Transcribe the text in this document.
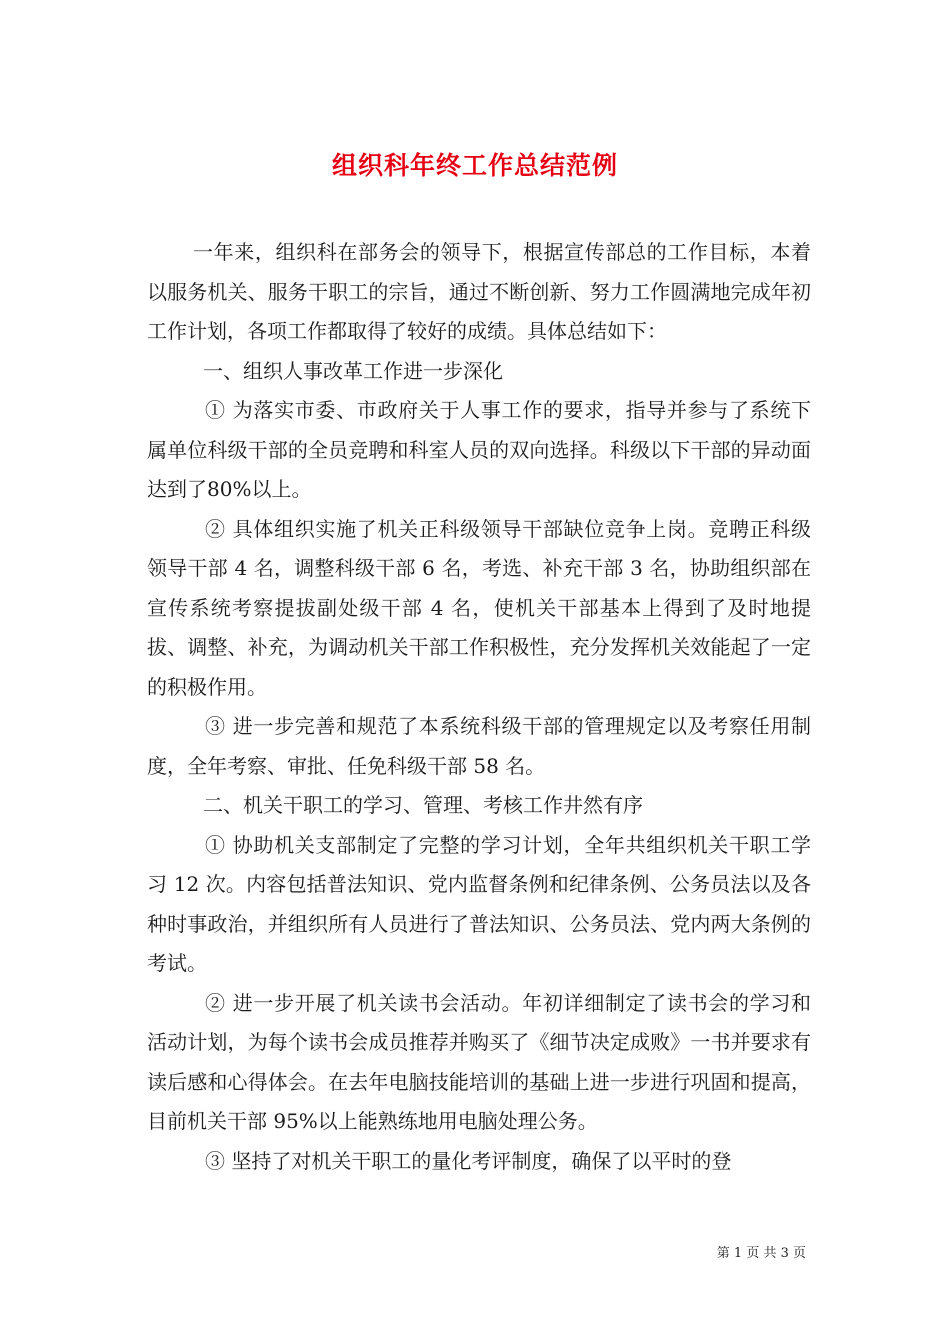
组织科年终工作总结范例

一年来，组织科在部务会的领导下，根据宣传部总的工作目标，本着以服务机关、服务干职工的宗旨，通过不断创新、努力工作圆满地完成年初工作计划，各项工作都取得了较好的成绩。具体总结如下：

一、组织人事改革工作进一步深化

① 为落实市委、市政府关于人事工作的要求，指导并参与了系统下属单位科级干部的全员竞聘和科室人员的双向选择。科级以下干部的异动面达到了80%以上。

② 具体组织实施了机关正科级领导干部缺位竞争上岗。竞聘正科级领导干部 4 名，调整科级干部 6 名，考选、补充干部 3 名，协助组织部在宣传系统考察提拔副处级干部 4 名，使机关干部基本上得到了及时地提拔、调整、补充，为调动机关干部工作积极性，充分发挥机关效能起了一定的积极作用。

③ 进一步完善和规范了本系统科级干部的管理规定以及考察任用制度，全年考察、审批、任免科级干部 58 名。

二、机关干职工的学习、管理、考核工作井然有序

① 协助机关支部制定了完整的学习计划，全年共组织机关干职工学习 12 次。内容包括普法知识、党内监督条例和纪律条例、公务员法以及各种时事政治，并组织所有人员进行了普法知识、公务员法、党内两大条例的考试。

② 进一步开展了机关读书会活动。年初详细制定了读书会的学习和活动计划，为每个读书会成员推荐并购买了《细节决定成败》一书并要求有读后感和心得体会。在去年电脑技能培训的基础上进一步进行巩固和提高，目前机关干部 95%以上能熟练地用电脑处理公务。

③ 坚持了对机关干职工的量化考评制度，确保了以平时的登

第 1 页 共 3 页
